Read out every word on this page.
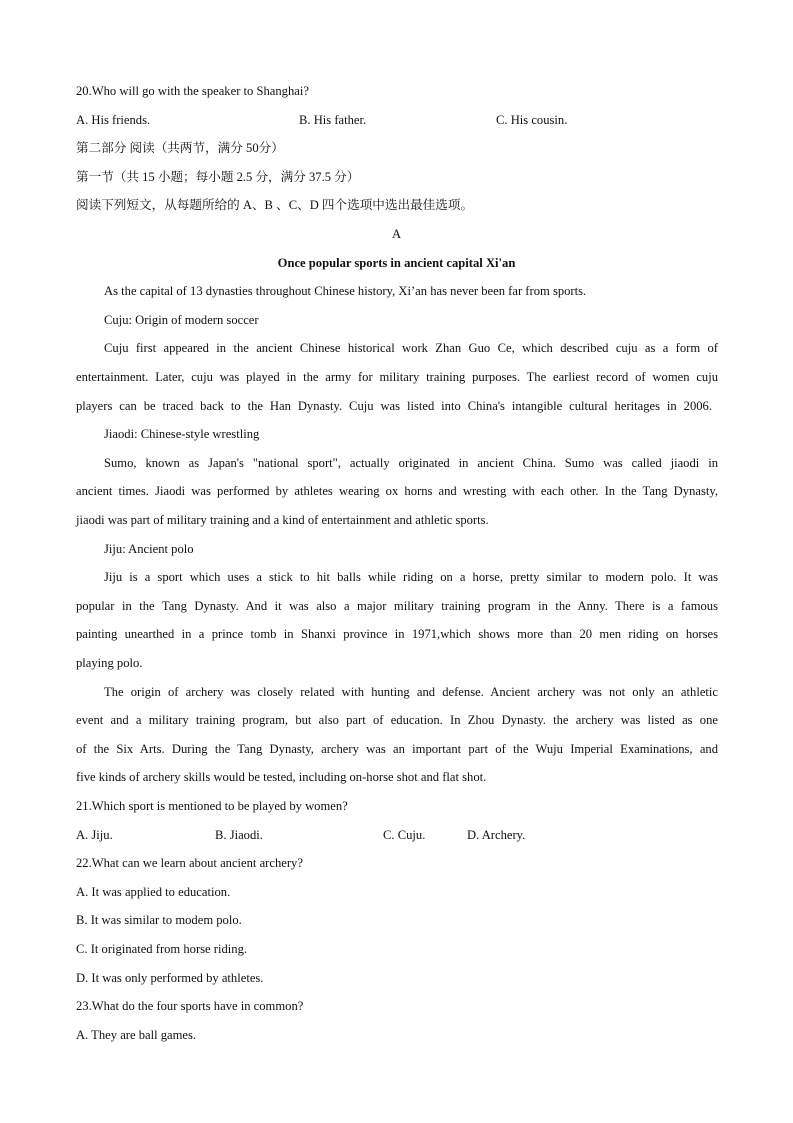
20.Who will go with the speaker to Shanghai?
A. His friends.	B. His father.	C. His cousin.
第二部分 阅读（共两节，满分 50分）
第一节（共 15 小题；每小题 2.5 分，满分 37.5 分）
阅读下列短文，从每题所给的 A、B 、C、D 四个选项中选出最佳选项。
A
Once popular sports in ancient capital Xi'an
As the capital of 13 dynasties throughout Chinese history, Xi’an has never been far from sports.
Cuju: Origin of modern soccer
Cuju first appeared in the ancient Chinese historical work Zhan Guo Ce, which described cuju as a form of
entertainment. Later, cuju was played in the army for military training purposes. The earliest record of women cuju
players can be traced back to the Han Dynasty. Cuju was listed into China's intangible cultural heritages in 2006.
Jiaodi: Chinese-style wrestling
Sumo, known as Japan's "national sport", actually originated in ancient China. Sumo was called jiaodi in
ancient times. Jiaodi was performed by athletes wearing ox horns and wresting with each other. In the Tang Dynasty,
jiaodi was part of military training and a kind of entertainment and athletic sports.
Jiju: Ancient polo
Jiju is a sport which uses a stick to hit balls while riding on a horse, pretty similar to modern polo. It was
popular in the Tang Dynasty. And it was also a major military training program in the Anny. There is a famous
painting unearthed in a prince tomb in Shanxi province in 1971,which shows more than 20 men riding on horses
playing polo.
The origin of archery was closely related with hunting and defense. Ancient archery was not only an athletic
event and a military training program, but also part of education. In Zhou Dynasty. the archery was listed as one
of the Six Arts. During the Tang Dynasty, archery was an important part of the Wuju Imperial Examinations, and
five kinds of archery skills would be tested, including on-horse shot and flat shot.
21.Which sport is mentioned to be played by women?
A. Jiju.	B. Jiaodi.	C. Cuju.	D. Archery.
22.What can we learn about ancient archery?
A. It was applied to education.
B. It was similar to modem polo.
C. It originated from horse riding.
D. It was only performed by athletes.
23.What do the four sports have in common?
A. They are ball games.
